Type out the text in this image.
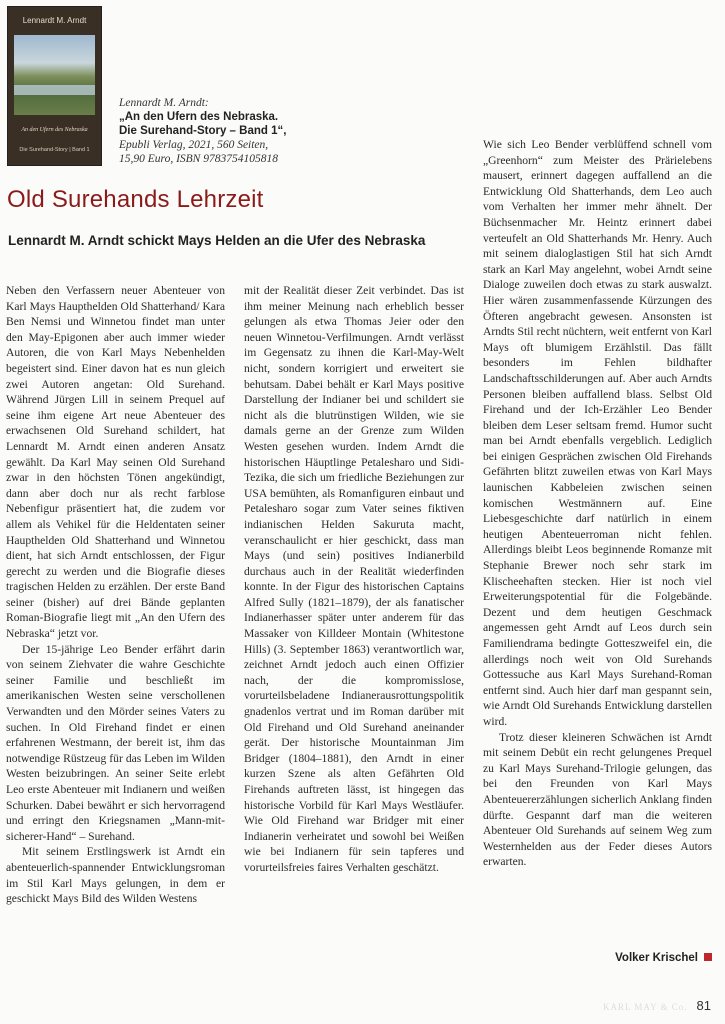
Lennardt M. Arndt
An den Ufern des Nebraska
Die Surehand-Story | Band 1
Lennardt M. Arndt:
„An den Ufern des Nebraska.
Die Surehand-Story – Band 1“,
Epubli Verlag, 2021, 560 Seiten,
15,90 Euro, ISBN 9783754105818
Old Surehands Lehrzeit
Lennardt M. Arndt schickt Mays Helden an die Ufer des Nebraska

Neben den Verfassern neuer Abenteuer von Karl Mays Haupthelden Old Shatterhand/ Kara Ben Nemsi und Winnetou findet man unter den May-Epigonen aber auch immer wieder Autoren, die von Karl Mays Nebenhelden begeistert sind. Einer davon hat es nun gleich zwei Autoren angetan: Old Surehand. Während Jürgen Lill in seinem Prequel auf seine ihm eigene Art neue Abenteuer des erwachsenen Old Surehand schildert, hat Lennardt M. Arndt einen anderen Ansatz gewählt. Da Karl May seinen Old Surehand zwar in den höchsten Tönen angekündigt, dann aber doch nur als recht farblose Nebenfigur präsentiert hat, die zudem vor allem als Vehikel für die Heldentaten seiner Haupthelden Old Shatterhand und Winnetou dient, hat sich Arndt entschlossen, der Figur gerecht zu werden und die Biografie dieses tragischen Helden zu erzählen. Der erste Band seiner (bisher) auf drei Bände geplanten Roman-Biografie liegt mit „An den Ufern des Nebraska“ jetzt vor.

Der 15-jährige Leo Bender erfährt darin von seinem Ziehvater die wahre Geschichte seiner Familie und beschließt im amerikanischen Westen seine verschollenen Verwandten und den Mörder seines Vaters zu suchen. In Old Firehand findet er einen erfahrenen Westmann, der bereit ist, ihm das notwendige Rüstzeug für das Leben im Wilden Westen beizubringen. An seiner Seite erlebt Leo erste Abenteuer mit Indianern und weißen Schurken. Dabei bewährt er sich hervorragend und erringt den Kriegsnamen „Mann-mit-sicherer-Hand“ – Surehand.

Mit seinem Erstlingswerk ist Arndt ein abenteuerlich-spannender Entwicklungsroman im Stil Karl Mays gelungen, in dem er geschickt Mays Bild des Wilden Westens

mit der Realität dieser Zeit verbindet. Das ist ihm meiner Meinung nach erheblich besser gelungen als etwa Thomas Jeier oder den neuen Winnetou-Verfilmungen. Arndt verlässt im Gegensatz zu ihnen die Karl-May-Welt nicht, sondern korrigiert und erweitert sie behutsam. Dabei behält er Karl Mays positive Darstellung der Indianer bei und schildert sie nicht als die blutrünstigen Wilden, wie sie damals gerne an der Grenze zum Wilden Westen gesehen wurden. Indem Arndt die historischen Häuptlinge Petalesharo und Sidi-Tezika, die sich um friedliche Beziehungen zur USA bemühten, als Romanfiguren einbaut und Petalesharo sogar zum Vater seines fiktiven indianischen Helden Sakuruta macht, veranschaulicht er hier geschickt, dass man Mays (und sein) positives Indianerbild durchaus auch in der Realität wiederfinden konnte. In der Figur des historischen Captains Alfred Sully (1821–1879), der als fanatischer Indianerhasser später unter anderem für das Massaker von Killdeer Montain (Whitestone Hills) (3. September 1863) verantwortlich war, zeichnet Arndt jedoch auch einen Offizier nach, der die kompromisslose, vorurteilsbeladene Indianerausrottungspolitik gnadenlos vertrat und im Roman darüber mit Old Firehand und Old Surehand aneinander gerät. Der historische Mountainman Jim Bridger (1804–1881), den Arndt in einer kurzen Szene als alten Gefährten Old Firehands auftreten lässt, ist hingegen das historische Vorbild für Karl Mays Westläufer. Wie Old Firehand war Bridger mit einer Indianerin verheiratet und sowohl bei Weißen wie bei Indianern für sein tapferes und vorurteilsfreies faires Verhalten geschätzt.

Wie sich Leo Bender verblüffend schnell vom „Greenhorn“ zum Meister des Prärielebens mausert, erinnert dagegen auffallend an die Entwicklung Old Shatterhands, dem Leo auch vom Verhalten her immer mehr ähnelt. Der Büchsenmacher Mr. Heintz erinnert dabei verteufelt an Old Shatterhands Mr. Henry. Auch mit seinem dialoglastigen Stil hat sich Arndt stark an Karl May angelehnt, wobei Arndt seine Dialoge zuweilen doch etwas zu stark auswalzt. Hier wären zusammenfassende Kürzungen des Öfteren angebracht gewesen. Ansonsten ist Arndts Stil recht nüchtern, weit entfernt von Karl Mays oft blumigem Erzählstil. Das fällt besonders im Fehlen bildhafter Landschaftsschilderungen auf. Aber auch Arndts Personen bleiben auffallend blass. Selbst Old Firehand und der Ich-Erzähler Leo Bender bleiben dem Leser seltsam fremd. Humor sucht man bei Arndt ebenfalls vergeblich. Lediglich bei einigen Gesprächen zwischen Old Firehands Gefährten blitzt zuweilen etwas von Karl Mays launischen Kabbeleien zwischen seinen komischen Westmännern auf. Eine Liebesgeschichte darf natürlich in einem heutigen Abenteuerroman nicht fehlen. Allerdings bleibt Leos beginnende Romanze mit Stephanie Brewer noch sehr stark im Klischeehaften stecken. Hier ist noch viel Erweiterungspotential für die Folgebände. Dezent und dem heutigen Geschmack angemessen geht Arndt auf Leos durch sein Familiendrama bedingte Gotteszweifel ein, die allerdings noch weit von Old Surehands Gottessuche aus Karl Mays Surehand-Roman entfernt sind. Auch hier darf man gespannt sein, wie Arndt Old Surehands Entwicklung darstellen wird.

Trotz dieser kleineren Schwächen ist Arndt mit seinem Debüt ein recht gelungenes Prequel zu Karl Mays Surehand-Trilogie gelungen, das bei den Freunden von Karl Mays Abenteuererzählungen sicherlich Anklang finden dürfte. Gespannt darf man die weiteren Abenteuer Old Surehands auf seinem Weg zum Westernhelden aus der Feder dieses Autors erwarten.

Volker Krischel
KARL MAY & Co. 81
